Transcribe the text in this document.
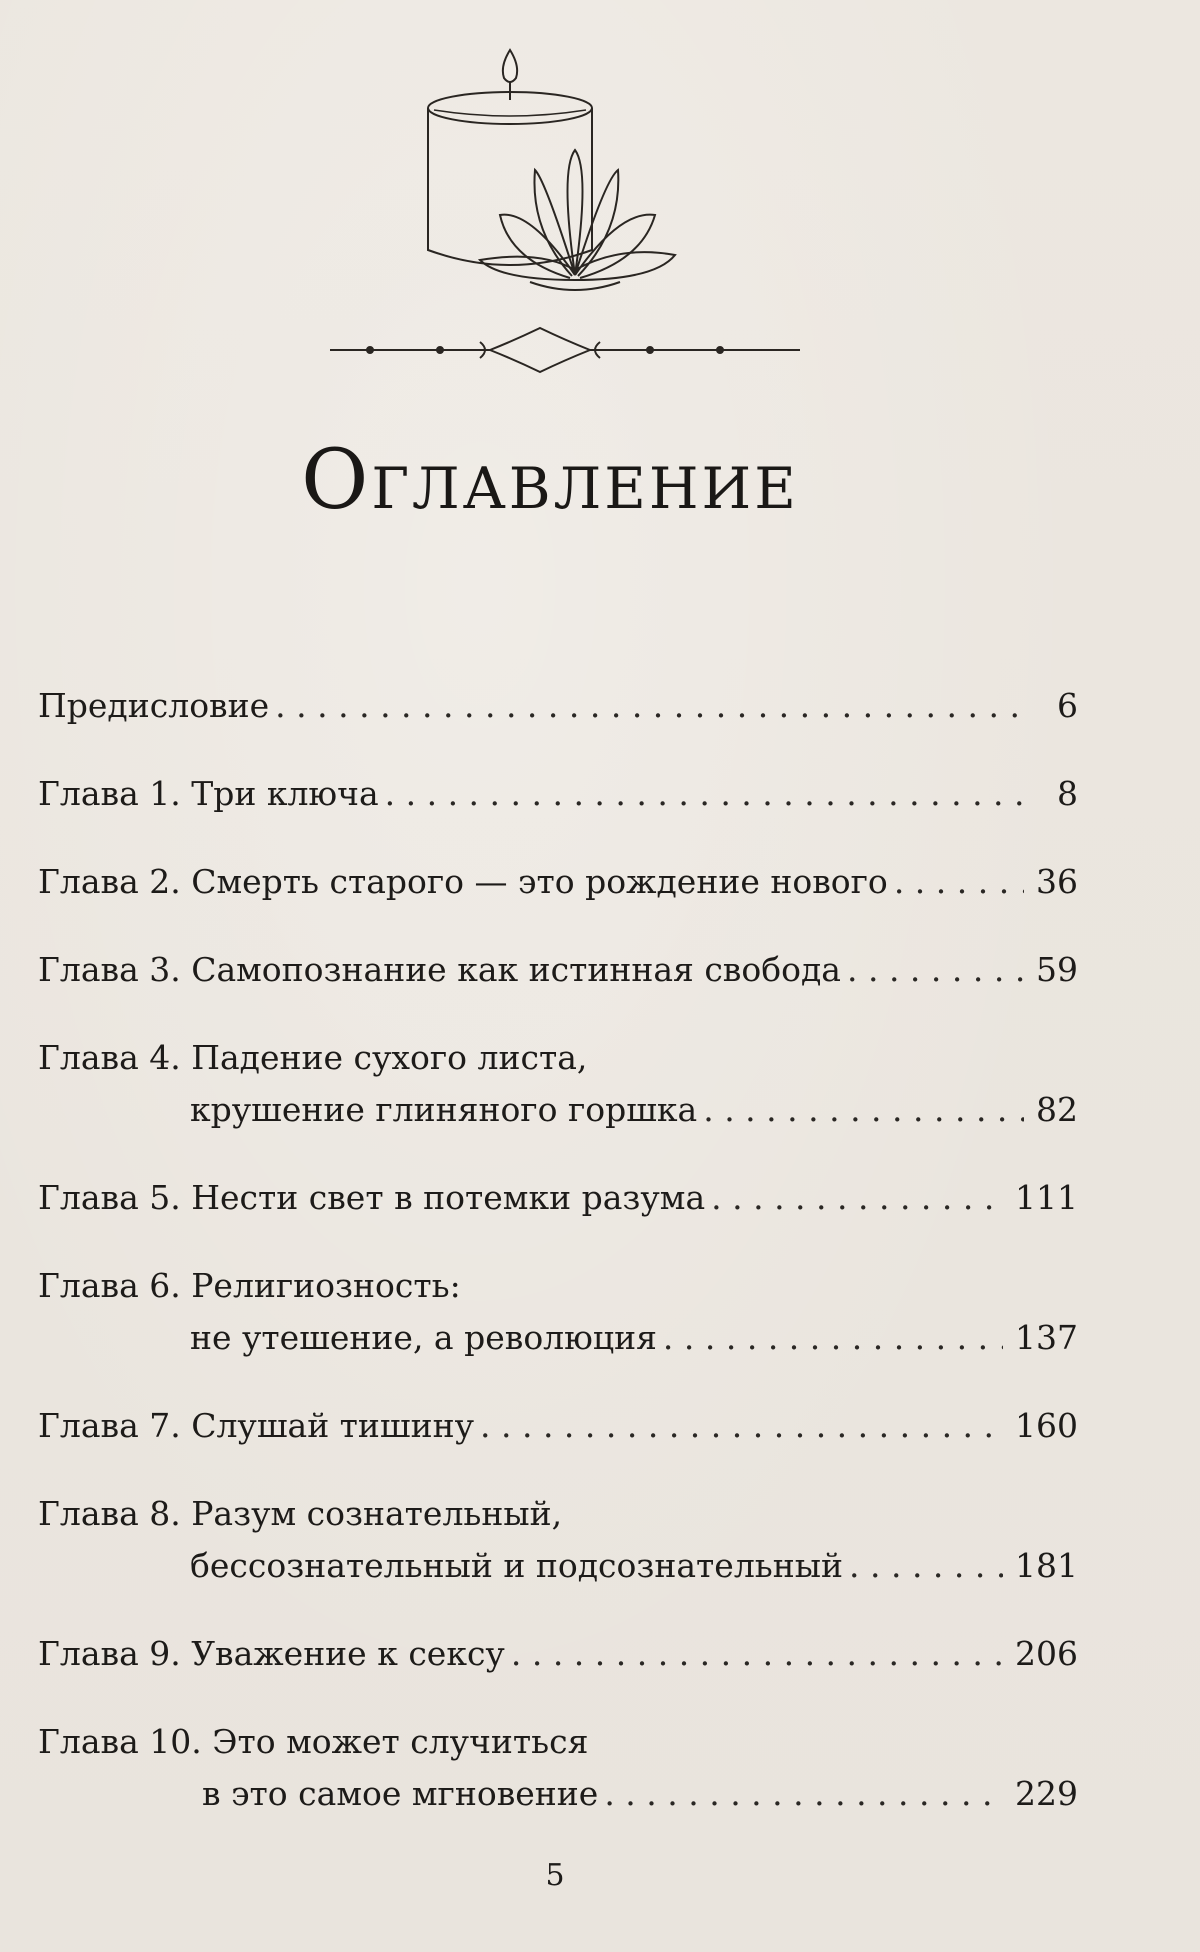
Оглавление
Предисловие . . .	6
Глава 1. Три ключа . . .	8
Глава 2. Смерть старого — это рождение нового . . .	36
Глава 3. Самопознание как истинная свобода . . .	59
Глава 4. Падение сухого листа,
крушение глиняного горшка . . .	82
Глава 5. Нести свет в потемки разума . . .	111
Глава 6. Религиозность:
не утешение, а революция . . .	137
Глава 7. Слушай тишину . . .	160
Глава 8. Разум сознательный,
бессознательный и подсознательный . . .	181
Глава 9. Уважение к сексу . . .	206
Глава 10. Это может случиться
в это самое мгновение . . .	229
5
